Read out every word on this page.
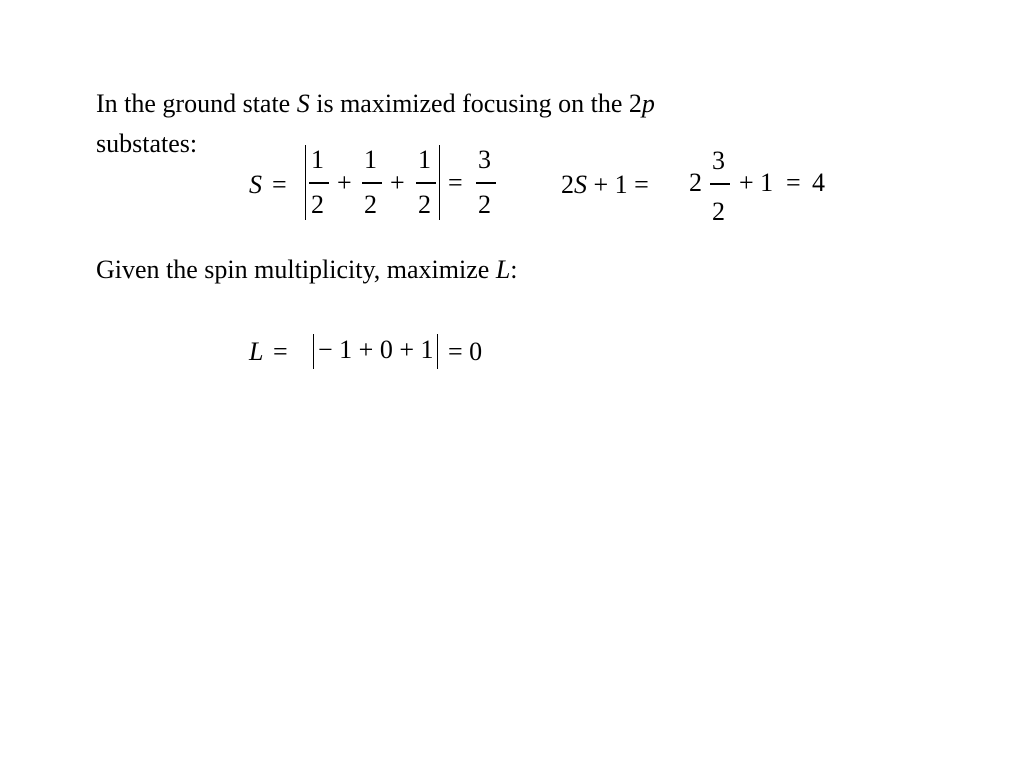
In the ground state S is maximized focusing on the 2p
substates:
S =
1
2
+
1
2
+
1
2
=
3
2
2S + 1 = 2
3
2
+ 1 = 4
Given the spin multiplicity, maximize L:
L = − 1 + 0 + 1 = 0
